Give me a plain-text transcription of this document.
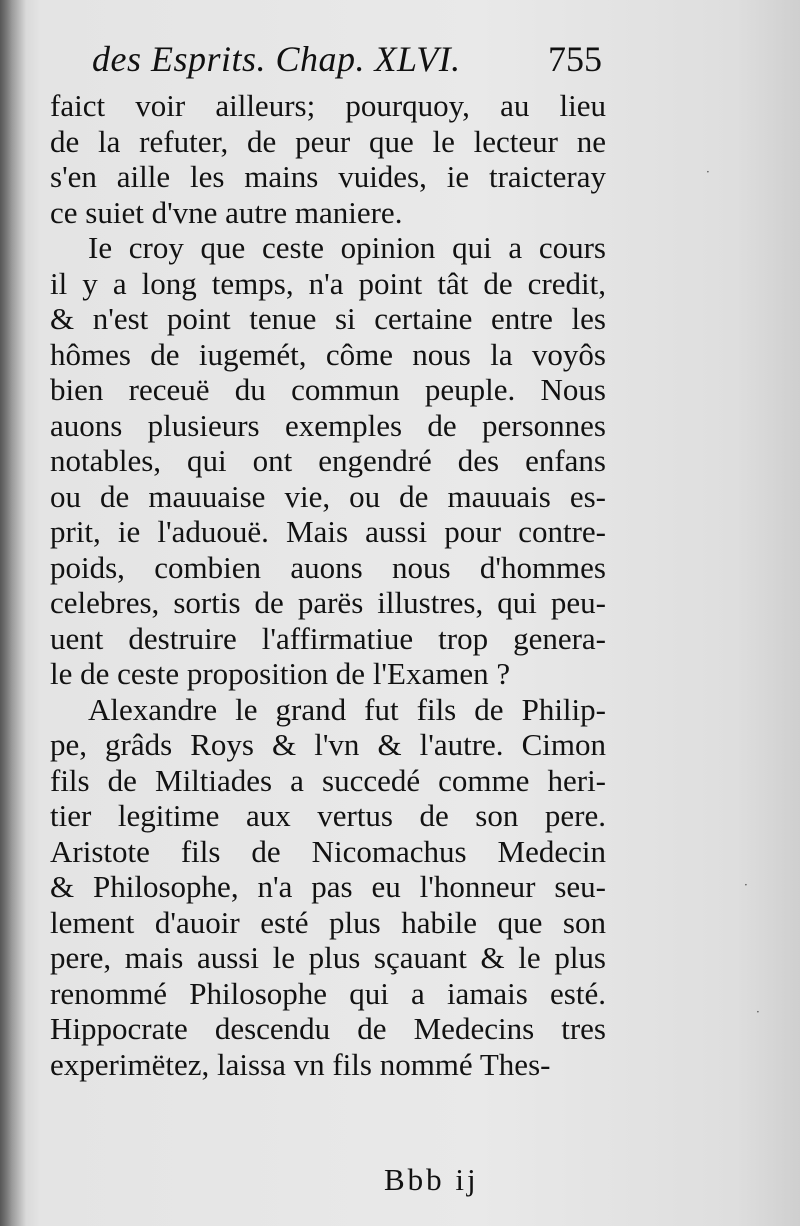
des Esprits. Chap. XLVI. 755
faict voir ailleurs; pourquoy, au lieu
de la refuter, de peur que le lecteur ne
s'en aille les mains vuides, ie traicteray
ce suiet d'vne autre maniere.
Ie croy que ceste opinion qui a cours
il y a long temps, n'a point tât de credit,
& n'est point tenue si certaine entre les
hômes de iugemét, côme nous la voyôs
bien receuë du commun peuple. Nous
auons plusieurs exemples de personnes
notables, qui ont engendré des enfans
ou de mauuaise vie, ou de mauuais es-
prit, ie l'aduouë. Mais aussi pour contre-
poids, combien auons nous d'hommes
celebres, sortis de parës illustres, qui peu-
uent destruire l'affirmatiue trop genera-
le de ceste proposition de l'Examen ?
Alexandre le grand fut fils de Philip-
pe, grâds Roys & l'vn & l'autre. Cimon
fils de Miltiades a succedé comme heri-
tier legitime aux vertus de son pere.
Aristote fils de Nicomachus Medecin
& Philosophe, n'a pas eu l'honneur seu-
lement d'auoir esté plus habile que son
pere, mais aussi le plus sçauant & le plus
renommé Philosophe qui a iamais esté.
Hippocrate descendu de Medecins tres
experimëtez, laissa vn fils nommé Thes-
Bbb ij
·
·
·
